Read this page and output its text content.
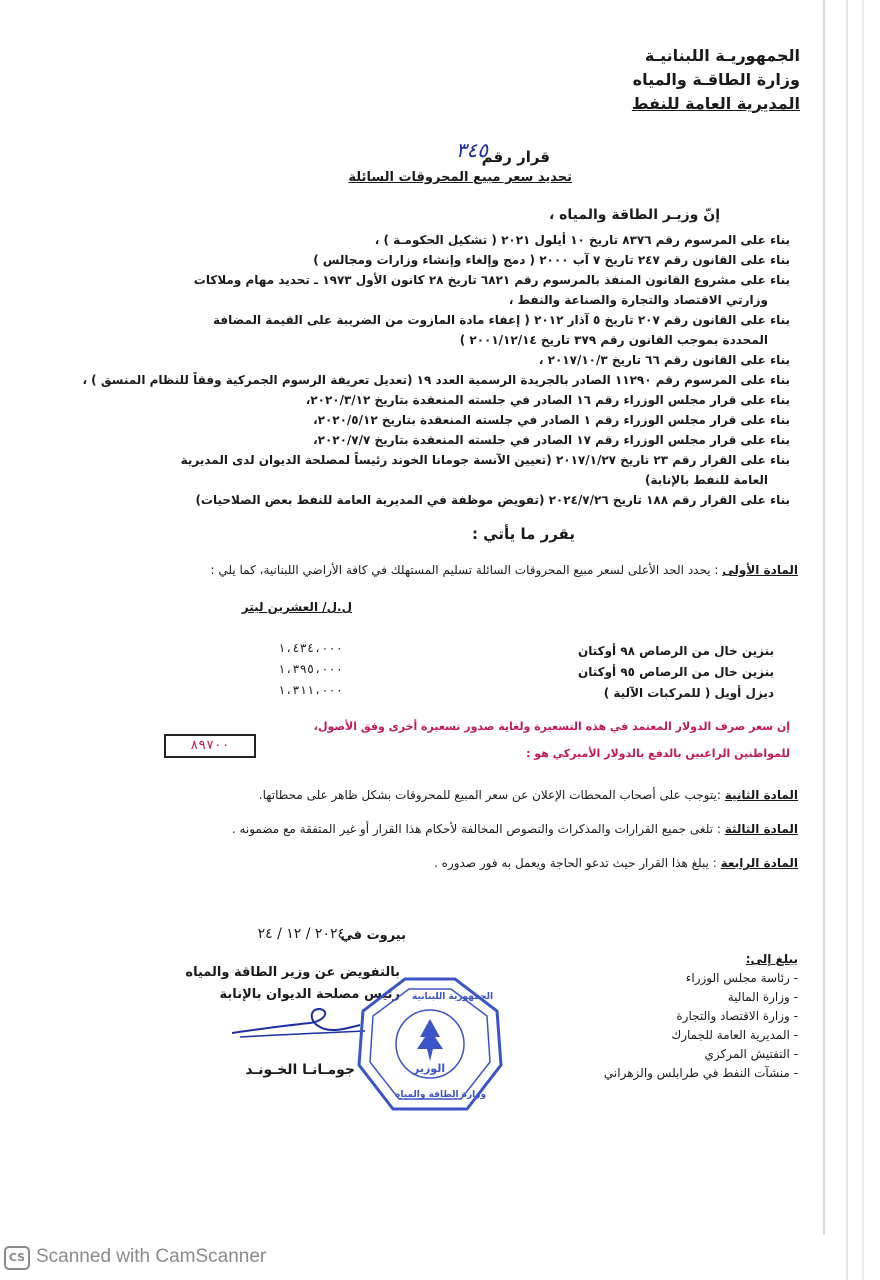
الجمهوريـة اللبنانيـة
وزارة الطاقـة والمياه
المديرية العامة للنفط
قرار رقم
٣٤٥
تحديد سعر مبيع المحروقات السائلة
إنّ وزيـر الطاقة والمياه ،
بناء على المرسوم رقم ٨٣٧٦ تاريخ ١٠ أيلول ٢٠٢١ ( تشكيل الحكومـة ) ،
بناء على القانون رقم ٢٤٧ تاريخ ٧ آب ٢٠٠٠ ( دمج وإلغاء وإنشاء وزارات ومجالس )
بناء على مشروع القانون المنفذ بالمرسوم رقم ٦٨٢١ تاريخ ٢٨ كانون الأول ١٩٧٣ ـ تحديد مهام وملاكات
وزارتي الاقتصاد والتجارة والصناعة والنفط ،
بناء على القانون رقم ٢٠٧ تاريخ ٥ آذار ٢٠١٢ ( إعفاء مادة المازوت من الضريبة على القيمة المضافة
المحددة بموجب القانون رقم ٣٧٩ تاريخ ٢٠٠١/١٢/١٤ )
بناء على القانون رقم ٦٦ تاريخ ٢٠١٧/١٠/٣ ،
بناء على المرسوم رقم ١١٢٩٠ الصادر بالجريدة الرسمية العدد ١٩ (تعديل تعريفة الرسوم الجمركية وفقاً للنظام المنسق ) ،
بناء على قرار مجلس الوزراء رقم ١٦ الصادر في جلسته المنعقدة بتاريخ ٢٠٢٠/٣/١٢،
بناء على قرار مجلس الوزراء رقم ١ الصادر في جلسته المنعقدة بتاريخ ٢٠٢٠/٥/١٢،
بناء على قرار مجلس الوزراء رقم ١٧ الصادر في جلسته المنعقدة بتاريخ ٢٠٢٠/٧/٧،
بناء على القرار رقم ٢٣ تاريخ ٢٠١٧/١/٢٧ (تعيين الآنسة جومانا الخوند رئيساً لمصلحة الديوان لدى المديرية
العامة للنفط بالإنابة)
بناء على القرار رقم ١٨٨ تاريخ ٢٠٢٤/٧/٢٦ (تفويض موظفة في المديرية العامة للنفط بعض الصلاحيات)
يقرر ما يأتي :
المادة الأولى : يحدد الحد الأعلى لسعر مبيع المحروقات السائلة تسليم المستهلك في كافة الأراضي اللبنانية، كما يلي :
ل.ل/ العشرين ليتر
بنزين خال من الرصاص ٩٨ أوكتان
بنزين خال من الرصاص ٩٥ أوكتان
ديزل أويل ( للمركبات الآلية )
١،٤٣٤،٠٠٠
١،٣٩٥،٠٠٠
١،٣١١،٠٠٠
إن سعر صرف الدولار المعتمد في هذه التسعيرة ولغاية صدور تسعيرة أخرى وفق الأصول،
للمواطنين الراغبين بالدفع بالدولار الأميركي هو :
٨٩٧٠٠
المادة الثانية :يتوجب على أصحاب المحطات الإعلان عن سعر المبيع للمحروقات بشكل ظاهر على محطاتها.
المادة الثالثة : تلغى جميع القرارات والمذكرات والنصوص المخالفة لأحكام هذا القرار أو غير المتفقة مع مضمونه .
المادة الرابعة : يبلغ هذا القرار حيث تدعو الحاجة ويعمل به فور صدوره .
بيروت في
٢٠٢٤ / ١٢ / ٢٤
بالتفويض عن وزير الطاقة والمياه
رئيس مصلحة الديوان بالإنابة
جومـانـا الخـونـد
الجمهورية اللبنانية
الوزير
وزارة الطاقة والمياه
يبلغ إلى:
- رئاسة مجلس الوزراء
- وزارة المالية
- وزارة الاقتصاد والتجارة
- المديرية العامة للجمارك
- التفتيش المركزي
- منشآت النفط في طرابلس والزهراني
CS Scanned with CamScanner
